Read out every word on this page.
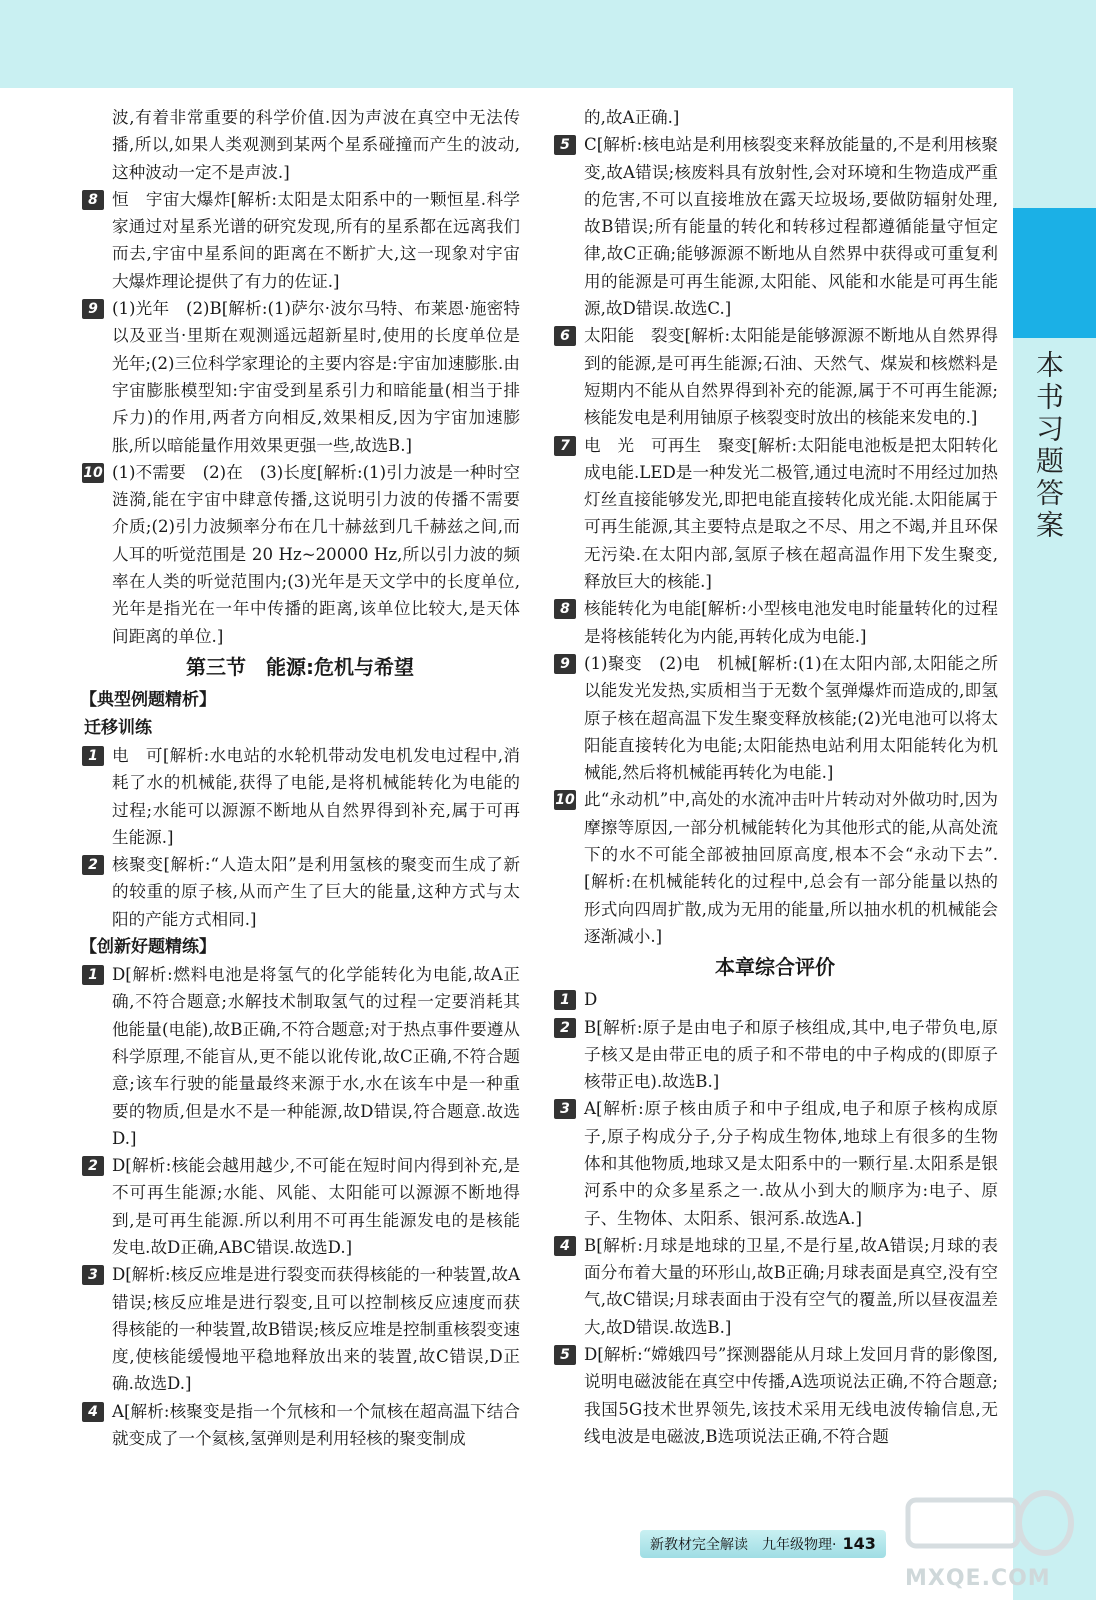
本书习题答案

波,有着非常重要的科学价值.因为声波在真空中无法传播,所以,如果人类观测到某两个星系碰撞而产生的波动,这种波动一定不是声波.]

8 恒　宇宙大爆炸[解析:太阳是太阳系中的一颗恒星.科学家通过对星系光谱的研究发现,所有的星系都在远离我们而去,宇宙中星系间的距离在不断扩大,这一现象对宇宙大爆炸理论提供了有力的佐证.]

9 (1)光年　(2)B[解析:(1)萨尔·波尔马特、布莱恩·施密特以及亚当·里斯在观测遥远超新星时,使用的长度单位是光年;(2)三位科学家理论的主要内容是:宇宙加速膨胀.由宇宙膨胀模型知:宇宙受到星系引力和暗能量(相当于排斥力)的作用,两者方向相反,效果相反,因为宇宙加速膨胀,所以暗能量作用效果更强一些,故选B.]

10 (1)不需要　(2)在　(3)长度[解析:(1)引力波是一种时空涟漪,能在宇宙中肆意传播,这说明引力波的传播不需要介质;(2)引力波频率分布在几十赫兹到几千赫兹之间,而人耳的听觉范围是 20 Hz~20000 Hz,所以引力波的频率在人类的听觉范围内;(3)光年是天文学中的长度单位,光年是指光在一年中传播的距离,该单位比较大,是天体间距离的单位.]

第三节　能源:危机与希望

【典型例题精析】

迁移训练

1 电　可[解析:水电站的水轮机带动发电机发电过程中,消耗了水的机械能,获得了电能,是将机械能转化为电能的过程;水能可以源源不断地从自然界得到补充,属于可再生能源.]

2 核聚变[解析:“人造太阳”是利用氢核的聚变而生成了新的较重的原子核,从而产生了巨大的能量,这种方式与太阳的产能方式相同.]

【创新好题精练】

1 D[解析:燃料电池是将氢气的化学能转化为电能,故A正确,不符合题意;水解技术制取氢气的过程一定要消耗其他能量(电能),故B正确,不符合题意;对于热点事件要遵从科学原理,不能盲从,更不能以讹传讹,故C正确,不符合题意;该车行驶的能量最终来源于水,水在该车中是一种重要的物质,但是水不是一种能源,故D错误,符合题意.故选D.]

2 D[解析:核能会越用越少,不可能在短时间内得到补充,是不可再生能源;水能、风能、太阳能可以源源不断地得到,是可再生能源.所以利用不可再生能源发电的是核能发电.故D正确,ABC错误.故选D.]

3 D[解析:核反应堆是进行裂变而获得核能的一种装置,故A错误;核反应堆是进行裂变,且可以控制核反应速度而获得核能的一种装置,故B错误;核反应堆是控制重核裂变速度,使核能缓慢地平稳地释放出来的装置,故C错误,D正确.故选D.]

4 A[解析:核聚变是指一个氘核和一个氚核在超高温下结合就变成了一个氦核,氢弹则是利用轻核的聚变制成

的,故A正确.]

5 C[解析:核电站是利用核裂变来释放能量的,不是利用核聚变,故A错误;核废料具有放射性,会对环境和生物造成严重的危害,不可以直接堆放在露天垃圾场,要做防辐射处理,故B错误;所有能量的转化和转移过程都遵循能量守恒定律,故C正确;能够源源不断地从自然界中获得或可重复利用的能源是可再生能源,太阳能、风能和水能是可再生能源,故D错误.故选C.]

6 太阳能　裂变[解析:太阳能是能够源源不断地从自然界得到的能源,是可再生能源;石油、天然气、煤炭和核燃料是短期内不能从自然界得到补充的能源,属于不可再生能源;核能发电是利用铀原子核裂变时放出的核能来发电的.]

7 电　光　可再生　聚变[解析:太阳能电池板是把太阳转化成电能.LED是一种发光二极管,通过电流时不用经过加热灯丝直接能够发光,即把电能直接转化成光能.太阳能属于可再生能源,其主要特点是取之不尽、用之不竭,并且环保无污染.在太阳内部,氢原子核在超高温作用下发生聚变,释放巨大的核能.]

8 核能转化为电能[解析:小型核电池发电时能量转化的过程是将核能转化为内能,再转化成为电能.]

9 (1)聚变　(2)电　机械[解析:(1)在太阳内部,太阳能之所以能发光发热,实质相当于无数个氢弹爆炸而造成的,即氢原子核在超高温下发生聚变释放核能;(2)光电池可以将太阳能直接转化为电能;太阳能热电站利用太阳能转化为机械能,然后将机械能再转化为电能.]

10 此“永动机”中,高处的水流冲击叶片转动对外做功时,因为摩擦等原因,一部分机械能转化为其他形式的能,从高处流下的水不可能全部被抽回原高度,根本不会“永动下去”.[解析:在机械能转化的过程中,总会有一部分能量以热的形式向四周扩散,成为无用的能量,所以抽水机的机械能会逐渐减小.]

本章综合评价
1 D

2 B[解析:原子是由电子和原子核组成,其中,电子带负电,原子核又是由带正电的质子和不带电的中子构成的(即原子核带正电).故选B.]

3 A[解析:原子核由质子和中子组成,电子和原子核构成原子,原子构成分子,分子构成生物体,地球上有很多的生物体和其他物质,地球又是太阳系中的一颗行星.太阳系是银河系中的众多星系之一.故从小到大的顺序为:电子、原子、生物体、太阳系、银河系.故选A.]

4 B[解析:月球是地球的卫星,不是行星,故A错误;月球的表面分布着大量的环形山,故B正确;月球表面是真空,没有空气,故C错误;月球表面由于没有空气的覆盖,所以昼夜温差大,故D错误.故选B.]

5 D[解析:“嫦娥四号”探测器能从月球上发回月背的影像图,说明电磁波能在真空中传播,A选项说法正确,不符合题意;我国5G技术世界领先,该技术采用无线电波传输信息,无线电波是电磁波,B选项说法正确,不符合题

新教材完全解读　九年级物理· 143
MXQE.COM
